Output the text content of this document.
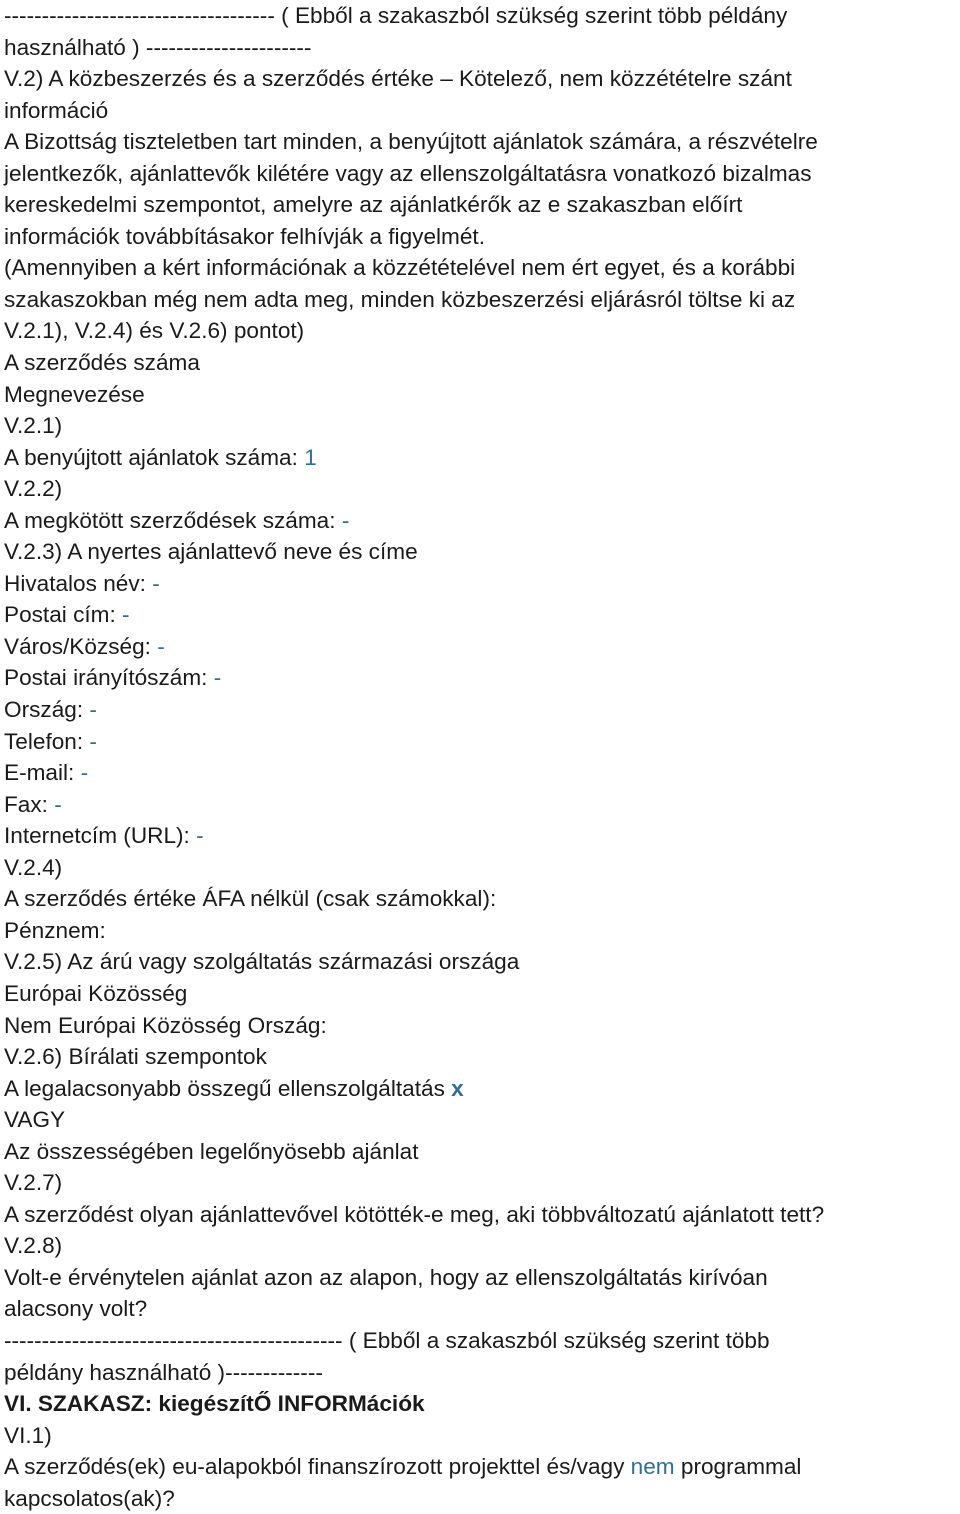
------------------------------------ ( Ebből a szakaszból szükség szerint több példány

használható ) ----------------------

V.2) A közbeszerzés és a szerződés értéke – Kötelező, nem közzétételre szánt

információ

A Bizottság tiszteletben tart minden, a benyújtott ajánlatok számára, a részvételre

jelentkezők, ajánlattevők kilétére vagy az ellenszolgáltatásra vonatkozó bizalmas

kereskedelmi szempontot, amelyre az ajánlatkérők az e szakaszban előírt

információk továbbításakor felhívják a figyelmét.

(Amennyiben a kért információnak a közzétételével nem ért egyet, és a korábbi

szakaszokban még nem adta meg, minden közbeszerzési eljárásról töltse ki az

V.2.1), V.2.4) és V.2.6) pontot)

A szerződés száma

Megnevezése

V.2.1)

A benyújtott ajánlatok száma: 1

V.2.2)

A megkötött szerződések száma: -

V.2.3) A nyertes ajánlattevő neve és címe

Hivatalos név: -

Postai cím: -

Város/Község: -

Postai irányítószám: -

Ország: -

Telefon: -

E-mail: -

Fax: -

Internetcím (URL): -

V.2.4)

A szerződés értéke ÁFA nélkül (csak számokkal):

Pénznem:

V.2.5) Az árú vagy szolgáltatás származási országa

Európai Közösség

Nem Európai Közösség Ország:

V.2.6) Bírálati szempontok

A legalacsonyabb összegű ellenszolgáltatás x

VAGY

Az összességében legelőnyösebb ajánlat

V.2.7)

A szerződést olyan ajánlattevővel kötötték-e meg, aki többváltozatú ajánlatott tett?

V.2.8)

Volt-e érvénytelen ajánlat azon az alapon, hogy az ellenszolgáltatás kirívóan

alacsony volt?

--------------------------------------------- ( Ebből a szakaszból szükség szerint több

példány használható )-------------

VI. SZAKASZ: kiegészítŐ INFORMációk

VI.1)

A szerződés(ek) eu-alapokból finanszírozott projekttel és/vagy nem programmal

kapcsolatos(ak)?
